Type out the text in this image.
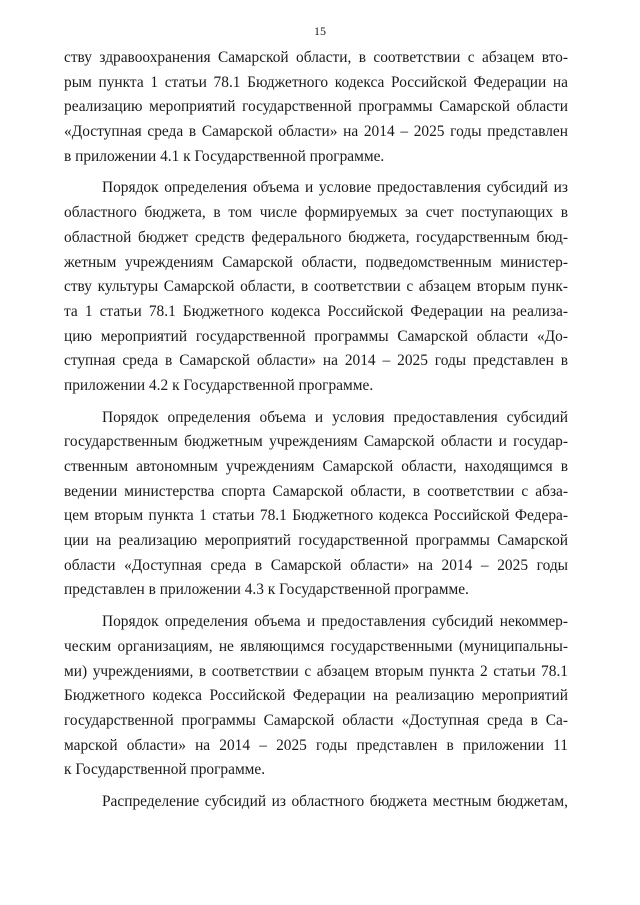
15
ству здравоохранения Самарской области, в соответствии с абзацем вто-
рым пункта 1 статьи 78.1 Бюджетного кодекса Российской Федерации на
реализацию мероприятий государственной программы Самарской области
«Доступная среда в Самарской области» на 2014 – 2025 годы представлен
в приложении 4.1 к Государственной программе.
Порядок определения объема и условие предоставления субсидий из
областного бюджета, в том числе формируемых за счет поступающих в
областной бюджет средств федерального бюджета, государственным бюд-
жетным учреждениям Самарской области, подведомственным министер-
ству культуры Самарской области, в соответствии с абзацем вторым пунк-
та 1 статьи 78.1 Бюджетного кодекса Российской Федерации на реализа-
цию мероприятий государственной программы Самарской области «До-
ступная среда в Самарской области» на 2014 – 2025 годы представлен в
приложении 4.2 к Государственной программе.
Порядок определения объема и условия предоставления субсидий
государственным бюджетным учреждениям Самарской области и государ-
ственным автономным учреждениям Самарской области, находящимся в
ведении министерства спорта Самарской области, в соответствии с абза-
цем вторым пункта 1 статьи 78.1 Бюджетного кодекса Российской Федера-
ции на реализацию мероприятий государственной программы Самарской
области «Доступная среда в Самарской области» на 2014 – 2025 годы
представлен в приложении 4.3 к Государственной программе.
Порядок определения объема и предоставления субсидий некоммер-
ческим организациям, не являющимся государственными (муниципальны-
ми) учреждениями, в соответствии с абзацем вторым пункта 2 статьи 78.1
Бюджетного кодекса Российской Федерации на реализацию мероприятий
государственной программы Самарской области «Доступная среда в Са-
марской области» на 2014 – 2025 годы представлен в приложении 11
к Государственной программе.
Распределение субсидий из областного бюджета местным бюджетам,
